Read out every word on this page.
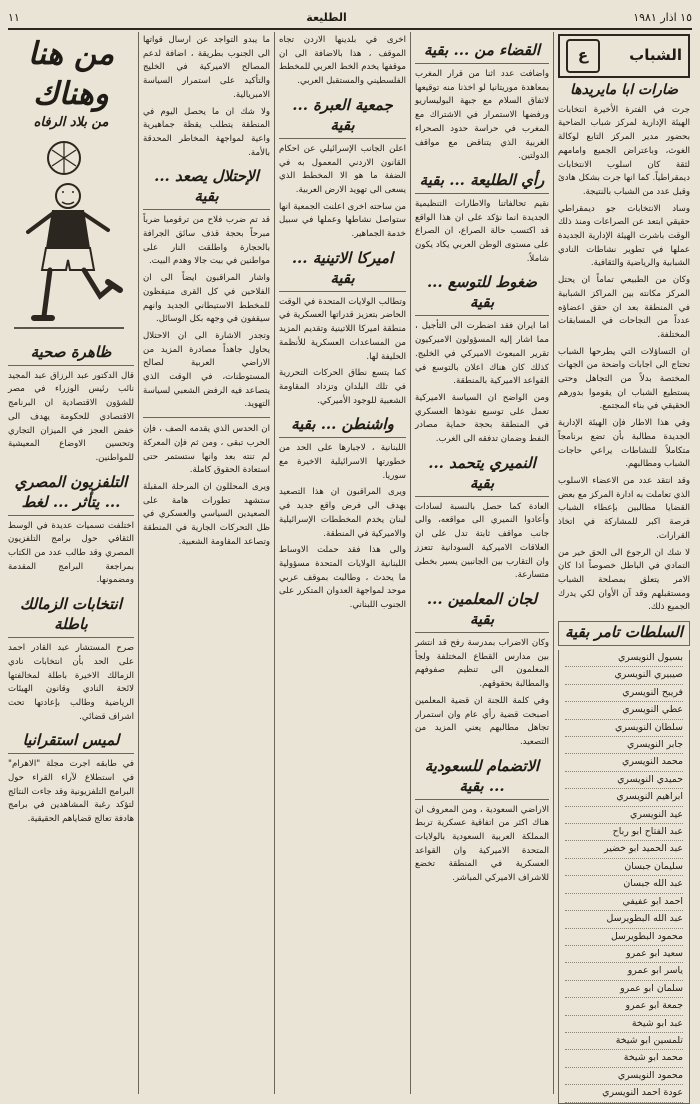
١٥ اذار ١٩٨١
الطليعة
١١
الشباب
ع
ضارات ابا مايريدها

جرت في الفترة الأخيرة انتخابات الهيئة الإدارية لمركز شباب الضاحية بحضور مدير المركز التابع لوكالة الغوث، وباعتراض الجميع وامامهم لثقة كان اسلوب الانتخابات ديمقراطياً. كما انها جرت بشكل هادئ وقبل عدد من الشباب بالنتيجة.

وساد الانتخابات جو ديمقراطي حقيقي ابتعد عن الصراعات ومنذ ذلك الوقت باشرت الهيئة الإدارية الجديدة عملها في تطوير نشاطات النادي الشبابية والرياضية والثقافية.

وكان من الطبيعي تماماً ان يحتل المركز مكانته بين المراكز الشبابية في المنطقة بعد ان حقق اعضاؤه عدداً من النجاحات في المسابقات المختلفة.

ان التساؤلات التي يطرحها الشباب تحتاج الى اجابات واضحة من الجهات المختصة بدلاً من التجاهل وحتى يستطيع الشباب ان يقوموا بدورهم الحقيقي في بناء المجتمع.

وفي هذا الاطار فإن الهيئة الإدارية الجديدة مطالبة بأن تضع برنامجاً متكاملاً للنشاطات يراعي حاجات الشباب ومطالبهم.

وقد انتقد عدد من الاعضاء الاسلوب الذي تعاملت به ادارة المركز مع بعض القضايا مطالبين بإعطاء الشباب فرصة اكبر للمشاركة في اتخاذ القرارات.

لا شك ان الرجوع الى الحق خير من التمادي في الباطل خصوصاً اذا كان الامر يتعلق بمصلحة الشباب ومستقبلهم وقد آن الأوان لكي يدرك الجميع ذلك.

السلطات تامر بقية
بسيول النويسري
صيبيري النويسري
فريبح النويسري
عطي النويسري
سلطان النويسري
جابر النويسري
محمد النويسري
حميدي النويسري
ابراهيم النويسري
عيد النويسري
عبد الفتاح ابو رباح
عبد الحميد ابو خضير
سليمان جبسان
عبد الله جبسان
احمد ابو عفيفي
عبد الله البطويرسل
محمود البطويرسل
سعيد ابو عمرو
ياسر ابو عمرو
سلمان ابو عمرو
جمعة ابو عمرو
عبد ابو شيخة
تلمسين ابو شيخة
محمد ابو شيخة
محمود النويسري
عودة احمد النويسري
القضاء من ... بقية

واضافت عدد اثنا من قرار المغرب بمعاهدة موريتانيا لو اخذنا منه توقيعها لاتفاق السلام مع جبهة البوليساريو ورفضها الاستمرار في الاشتراك مع المغرب في حراسة حدود الصحراء الغربية الذي يتناقض مع مواقف الدولتين.

رأي الطليعة ... بقية

نقيم تحالفاتنا والاطارات التنظيمية الجديدة انما نؤكد على ان هذا الواقع قد اكتسب حالة الصراع، ان الصراع على مستوى الوطن العربي يكاد يكون شاملاً.

ضغوط للتوسع ... بقية

اما ايران فقد اضطرت الى التأجيل ، مما اشار إليه المسؤولون الاميركيون تقرير المبعوث الاميركي في الخليج. كذلك كان هناك اعلان بالتوسع في القواعد الاميركية بالمنطقة.

ومن الواضح ان السياسة الاميركية تعمل على توسيع نفوذها العسكري في المنطقة بحجة حماية مصادر النفط وضمان تدفقه الى الغرب.

النميري يتحمد ... بقية

العادة كما حصل بالنسبة لسادات وأعادوا النميري الى مواقعه، والى جانب مواقف ثابتة تدل على ان العلاقات الاميركية السودانية تتعزز وان التقارب بين الجانبين يسير بخطى متسارعة.

لجان المعلمين ... بقية

وكان الاضراب بمدرسة رفح قد انتشر بين مدارس القطاع المختلفة ولجأ المعلمون الى تنظيم صفوفهم والمطالبة بحقوقهم.

وفي كلمة اللجنة ان قضية المعلمين اصبحت قضية رأي عام وان استمرار تجاهل مطالبهم يعني المزيد من التصعيد.

الاتضمام للسعودية ... بقية

الاراضي السعودية ، ومن المعروف ان هناك اكثر من اتفاقية عسكرية تربط المملكة العربية السعودية بالولايات المتحدة الاميركية وان القواعد العسكرية في المنطقة تخضع للاشراف الاميركي المباشر.

اخرى في بلدينها الاردن تجاه الموقف ، هذا بالاضافة الى ان موقفها يخدم الخط العربي للمخطط الفلسطيني والمستقبل العربي.

جمعية العبرة ... بقية

اعلن الجانب الإسرائيلي عن احكام القانون الاردني المعمول به في الضفة ما هو الا المخطط الذي يسعى الى تهويد الارض العربية.

من ساحته اخرى اعلنت الجمعية انها ستواصل نشاطها وعملها في سبيل خدمة الجماهير.

اميركا الاتينية ... بقية

وتطالب الولايات المتحدة في الوقت الحاضر بتعزيز قدراتها العسكرية في منطقة اميركا اللاتينية وتقديم المزيد من المساعدات العسكرية للأنظمة الحليفة لها.

كما يتسع نطاق الحركات التحررية في تلك البلدان وتزداد المقاومة الشعبية للوجود الأميركي.

واشنطن ... بقية

اللبنانية ، لاجبارها على الحد من خطورتها الاسرائيلية الاخيرة مع سوريا.

ويرى المراقبون ان هذا التصعيد يهدف الى فرض واقع جديد في لبنان يخدم المخططات الإسرائيلية والاميركية في المنطقة.

والى هذا فقد حملت الاوساط اللبنانية الولايات المتحدة مسؤولية ما يحدث ، وطالبت بموقف عربي موحد لمواجهة العدوان المتكرر على الجنوب اللبناني.

ما يبدو التواجد عن ارسال قواتها الى الجنوب بطريقة ، اضافة لدعم المصالح الاميركية في الخليج والتأكيد على استمرار السياسة الامبريالية.

ولا شك ان ما يحصل اليوم في المنطقة يتطلب يقظة جماهيرية واعية لمواجهة المخاطر المحدقة بالأمة.

الإحتلال يصعد ... بقية

قد تم ضرب فلاح من ترقوميا ضرباً مبرحاً بحجة قذف سائق الجرافة بالحجارة واطلقت النار على مواطنين في بيت جالا وهدم البيت.

واشار المراقبون ايضاً الى ان الفلاحين في كل القرى متيقظون للمخطط الاستيطاني الجديد وانهم سيقفون في وجهه بكل الوسائل.

وتجدر الاشارة الى ان الاحتلال يحاول جاهداً مصادرة المزيد من الاراضي العربية لصالح المستوطنات، في الوقت الذي يتصاعد فيه الرفض الشعبي لسياسة التهويد.

ان الحدس الذي يقدمه الصف ، فإن الحرب تبقى ، ومن ثم فإن المعركة لم تنته بعد وانها ستستمر حتى استعادة الحقوق كاملة.

ويرى المحللون ان المرحلة المقبلة ستشهد تطورات هامة على الصعيدين السياسي والعسكري في ظل التحركات الجارية في المنطقة وتصاعد المقاومة الشعبية.

من هنا وهناك
من بلاد الرفاه
ظاهرة صحية

قال الدكتور عبد الرزاق عبد المجيد نائب رئيس الوزراء في مصر للشؤون الاقتصادية ان البرنامج الاقتصادي للحكومة يهدف الى خفض العجز في الميزان التجاري وتحسين الاوضاع المعيشية للمواطنين.

التلفزيون المصري ... يتأثر ... لغط

اختلفت تسميات عديدة في الوسط الثقافي حول برامج التلفزيون المصري وقد طالب عدد من الكتاب بمراجعة البرامج المقدمة ومضمونها.

انتخابات الزمالك باطلة

صرح المستشار عبد القادر احمد على الحد بأن انتخابات نادي الزمالك الاخيرة باطلة لمخالفتها لائحة النادي وقانون الهيئات الرياضية وطالب بإعادتها تحت اشراف قضائي.

لميس استقرانيا

في طابقه اجرت مجلة "الاهرام" في استطلاع لآراء القراء حول البرامج التلفزيونية وقد جاءت النتائج لتؤكد رغبة المشاهدين في برامج هادفة تعالج قضاياهم الحقيقية.
